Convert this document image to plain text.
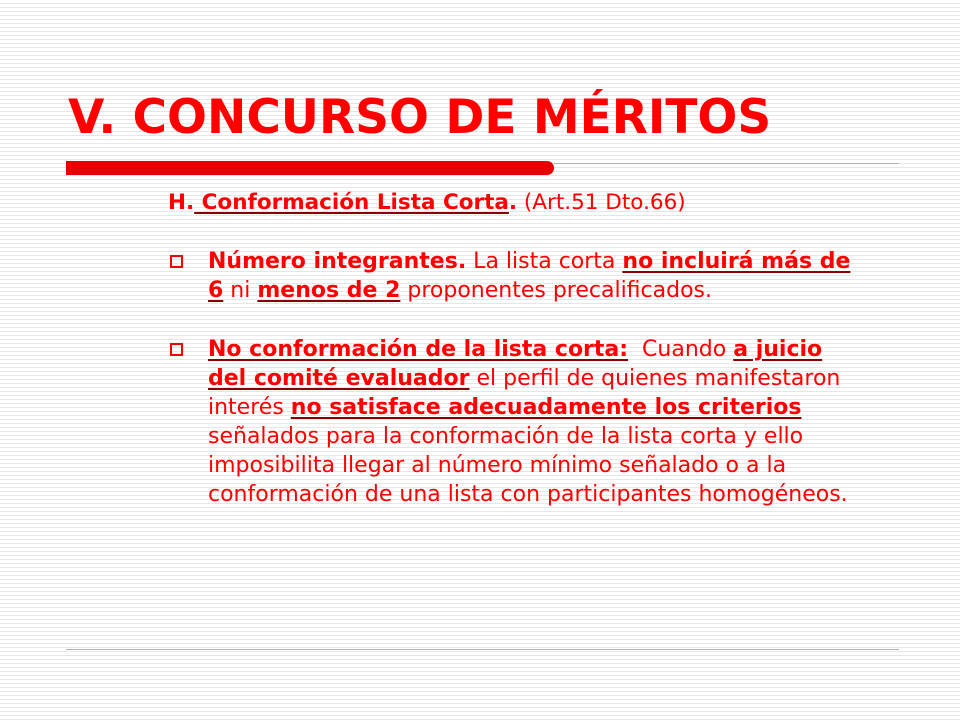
V. CONCURSO DE MÉRITOS

H. Conformación Lista Corta. (Art.51 Dto.66)

Número integrantes. La lista corta no incluirá más de 6 ni menos de 2 proponentes precalificados.
No conformación de la lista corta:  Cuando a juicio del comité evaluador el perfil de quienes manifestaron interés no satisface adecuadamente los criterios señalados para la conformación de la lista corta y ello imposibilita llegar al número mínimo señalado o a la conformación de una lista con participantes homogéneos.
